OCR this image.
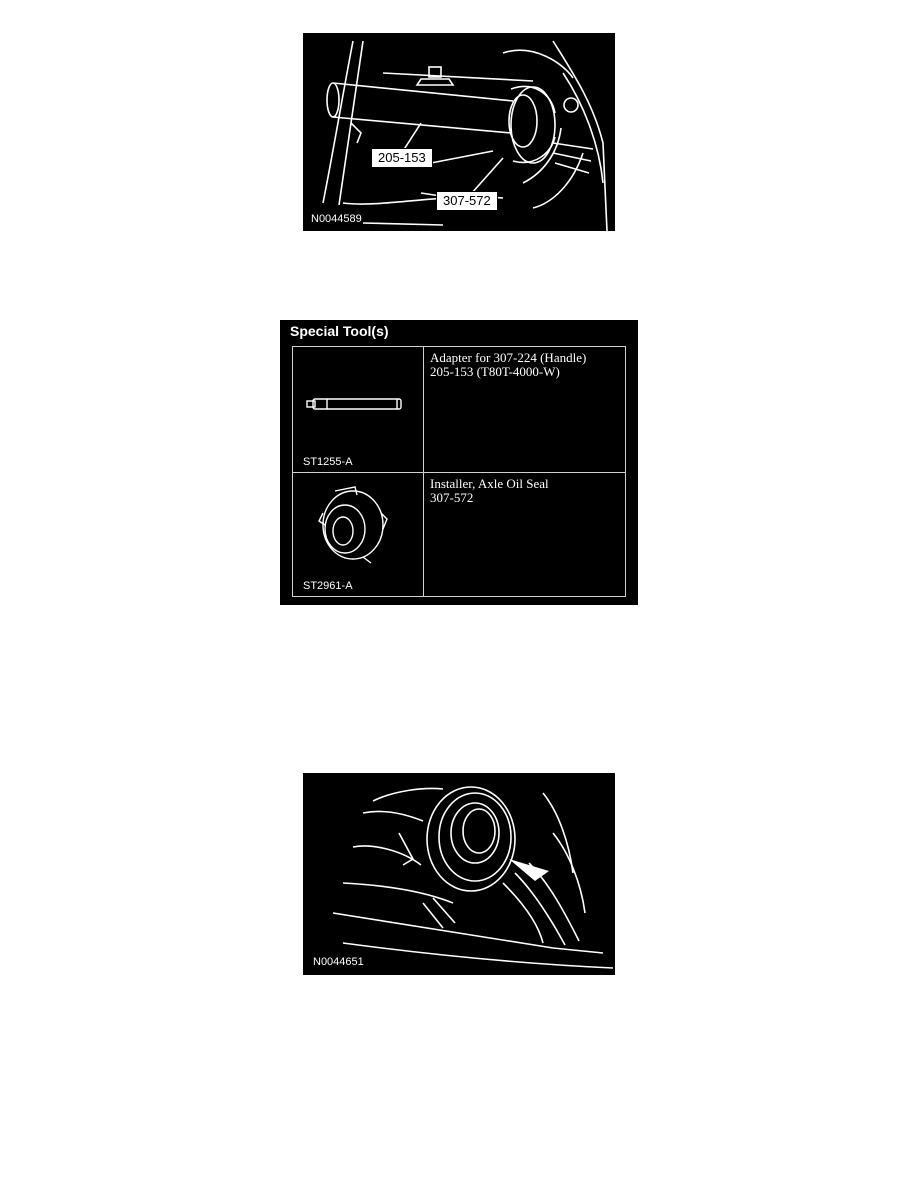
205-153
307-572
N0044589
Special Tool(s)
ST1255-A
Adapter for 307-224 (Handle)
205-153 (T80T-4000-W)
ST2961-A
Installer, Axle Oil Seal
307-572
N0044651
